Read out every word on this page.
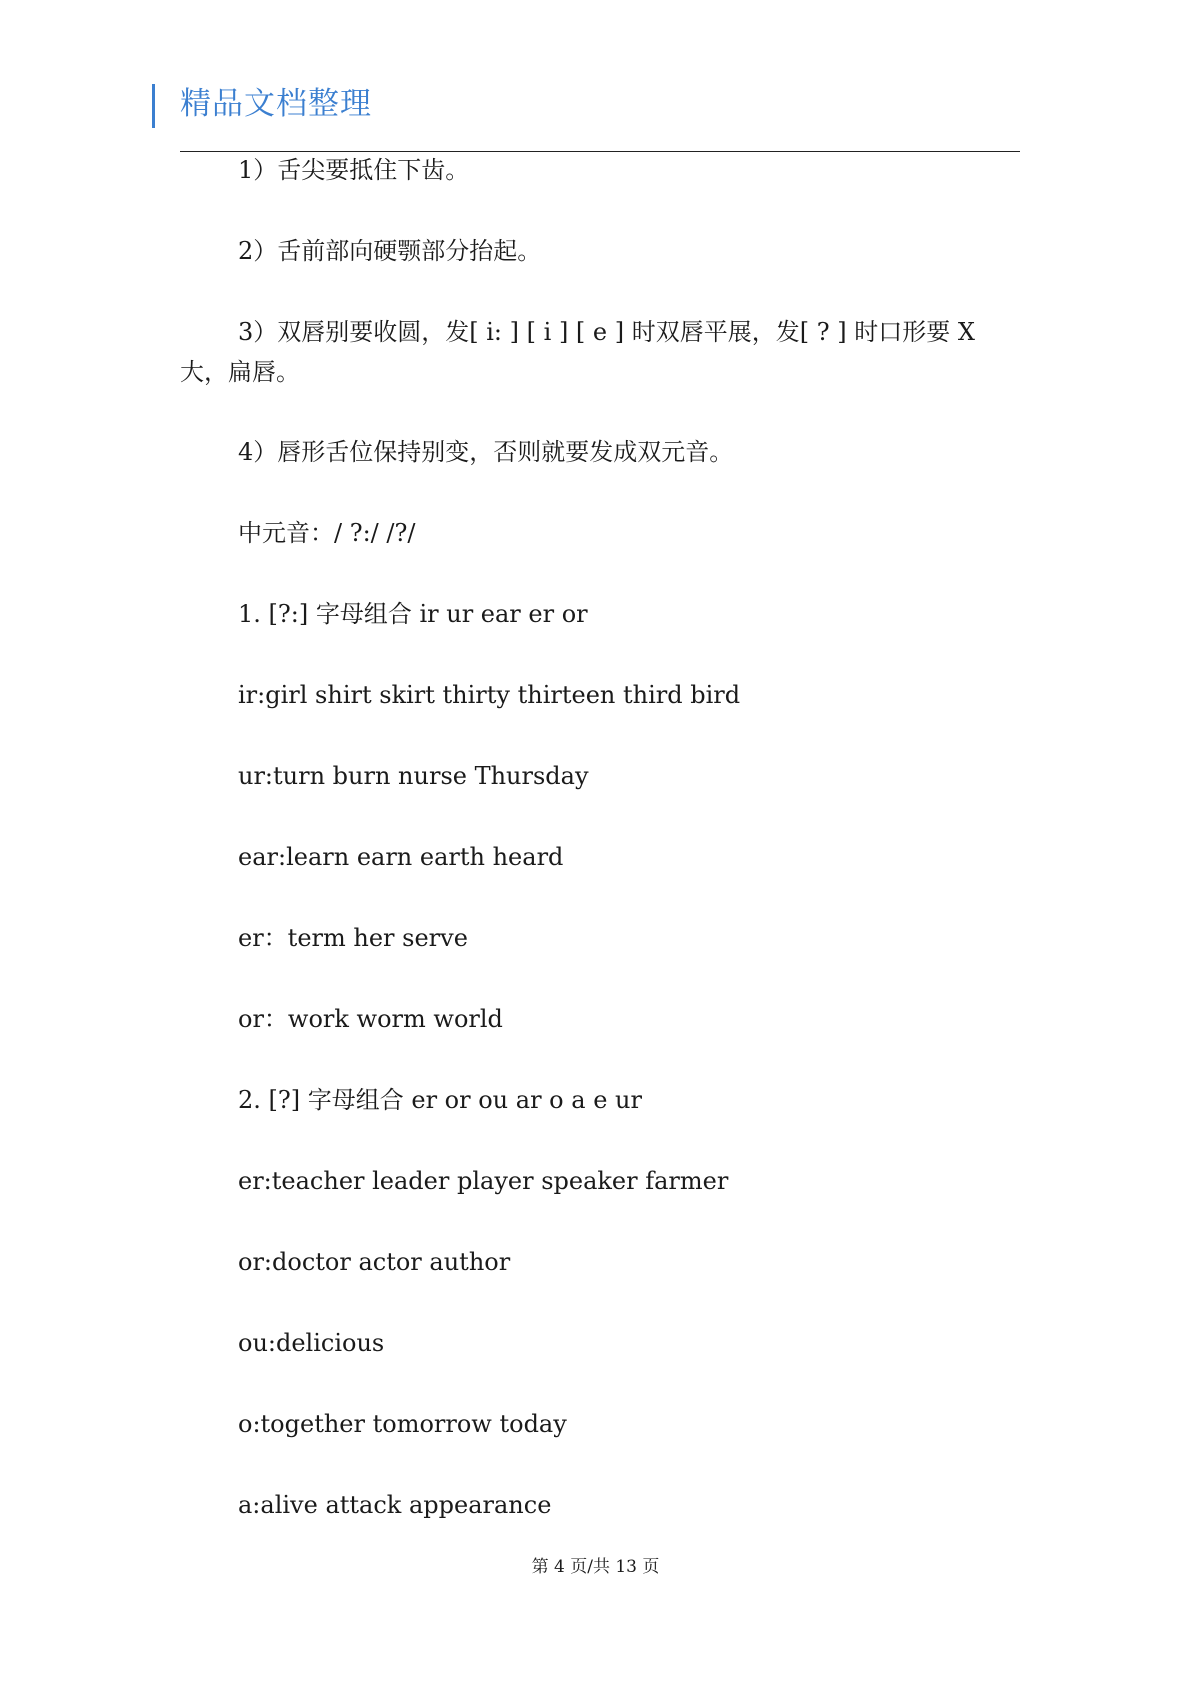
精品文档整理

1）舌尖要抵住下齿。

2）舌前部向硬颚部分抬起。

3）双唇别要收圆，发[ i: ] [ i ] [ e ] 时双唇平展，发[ ? ] 时口形要 X 大，扁唇。

4）唇形舌位保持别变，否则就要发成双元音。

中元音：/ ?:/ /?/

1. [?:] 字母组合 ir ur ear er or

ir:girl shirt skirt thirty thirteen third bird

ur:turn burn nurse Thursday

ear:learn earn earth heard

er：term her serve

or：work worm world

2. [?] 字母组合 er or ou ar o a e ur

er:teacher leader player speaker farmer

or:doctor actor author

ou:delicious

o:together tomorrow today

a:alive attack appearance

第 4 页/共 13 页
